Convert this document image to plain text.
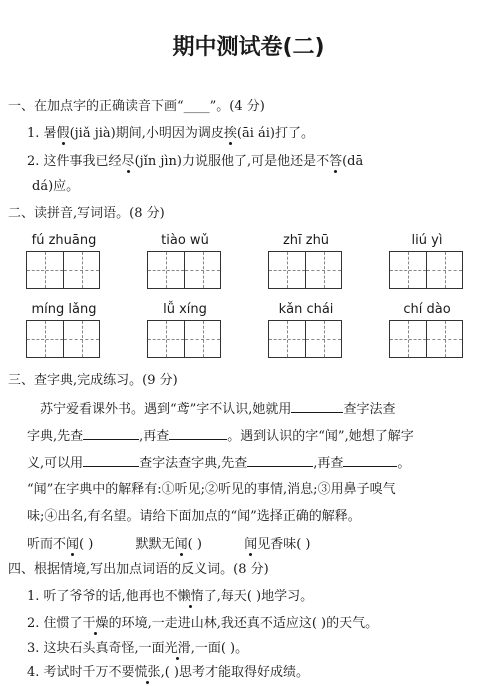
期中测试卷(二)
一、在加点字的正确读音下画“____”。(4 分)
1. 暑假(jiǎ jià)期间,小明因为调皮挨(āi ái)打了。
2. 这件事我已经尽(jǐn jìn)力说服他了,可是他还是不答(dā
dá)应。
二、读拼音,写词语。(8 分)
fú zhuāng	tiào wǔ	zhī zhū	liú yì
míng lǎng	lǚ xíng	kǎn chái	chí dào
三、查字典,完成练习。(9 分)
苏宁爱看课外书。遇到“鸢”字不认识,她就用	查字法查
字典,先查	,再查	。遇到认识的字“闻”,她想了解字
义,可以用	查字法查字典,先查	,再查	。
“闻”在字典中的解释有:①听见;②听见的事情,消息;③用鼻子嗅气
味;④出名,有名望。请给下面加点的“闻”选择正确的解释。
听而不闻( )	默默无闻( )	闻见香味( )
四、根据情境,写出加点词语的反义词。(8 分)
1. 听了爷爷的话,他再也不懒惰了,每天( )地学习。
2. 住惯了干燥的环境,一走进山林,我还真不适应这( )的天气。
3. 这块石头真奇怪,一面光滑,一面( )。
4. 考试时千万不要慌张,( )思考才能取得好成绩。
